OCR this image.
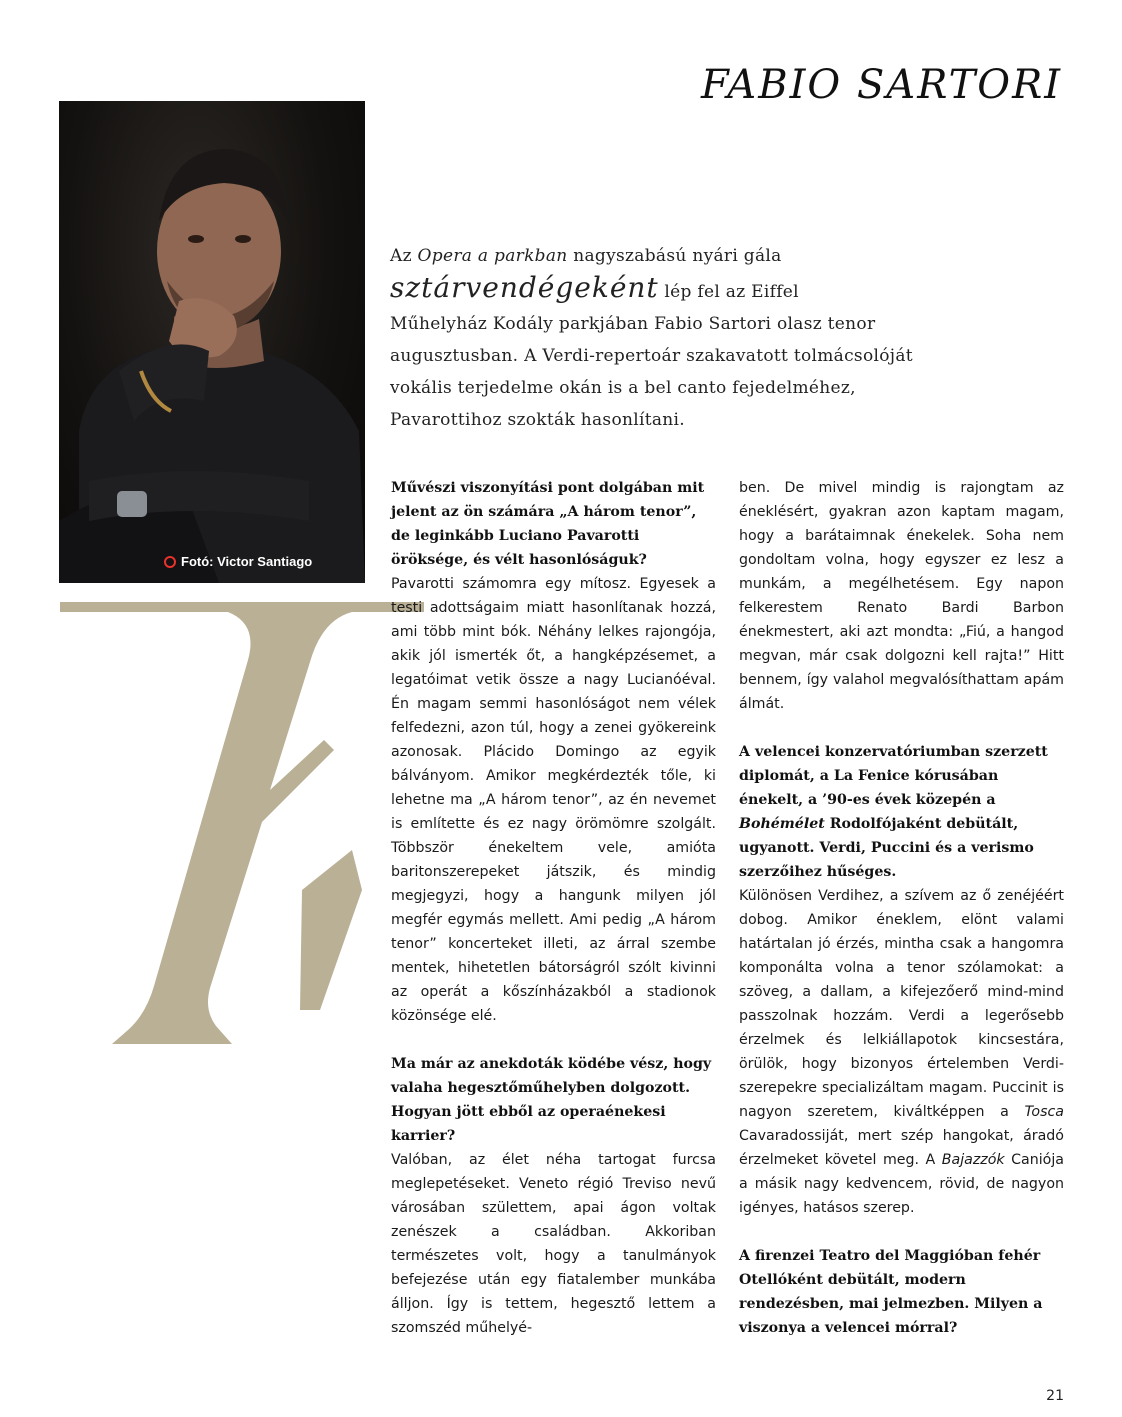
FABIO SARTORI
Fotó: Victor Santiago
Az Opera a parkban nagyszabású nyári gála
sztárvendégeként lép fel az Eiffel
Műhelyház Kodály parkjában Fabio Sartori olasz tenor
augusztusban. A Verdi-repertoár szakavatott tolmácsolóját
vokális terjedelme okán is a bel canto fejedelméhez,
Pavarottihoz szokták hasonlítani.

Művészi viszonyítási pont dolgában mit jelent az ön számára „A három tenor”, de leginkább Luciano Pavarotti öröksége, és vélt hasonlóságuk?

Pavarotti számomra egy mítosz. Egyesek a testi adottságaim miatt hasonlítanak hozzá, ami több mint bók. Néhány lelkes rajongója, akik jól ismerték őt, a hangképzésemet, a legatóimat vetik össze a nagy Lucianóéval. Én magam semmi hasonlóságot nem vélek felfedezni, azon túl, hogy a zenei gyökereink azonosak. Plácido Domingo az egyik bálványom. Amikor megkérdezték tőle, ki lehetne ma „A három tenor”, az én nevemet is említette és ez nagy örömömre szolgált. Többször énekeltem vele, amióta baritonszerepeket játszik, és mindig megjegyzi, hogy a hangunk milyen jól megfér egymás mellett. Ami pedig „A három tenor” koncerteket illeti, az árral szembe mentek, hihetetlen bátorságról szólt kivinni az operát a kőszínházakból a stadionok közönsége elé.

Ma már az anekdoták ködébe vész, hogy valaha hegesztőműhelyben dolgozott. Hogyan jött ebből az operaénekesi karrier?

Valóban, az élet néha tartogat furcsa meglepetéseket. Veneto régió Treviso nevű városában születtem, apai ágon voltak zenészek a családban. Akkoriban természetes volt, hogy a tanulmányok befejezése után egy fiatalember munkába álljon. Így is tettem, hegesztő lettem a szomszéd műhelyé-

ben. De mivel mindig is rajongtam az éneklésért, gyakran azon kaptam magam, hogy a barátaimnak énekelek. Soha nem gondoltam volna, hogy egyszer ez lesz a munkám, a megélhetésem. Egy napon felkerestem Renato Bardi Barbon énekmestert, aki azt mondta: „Fiú, a hangod megvan, már csak dolgozni kell rajta!” Hitt bennem, így valahol megvalósíthattam apám álmát.

A velencei konzervatóriumban szerzett diplomát, a La Fenice kórusában énekelt, a ’90-es évek közepén a Bohémélet Rodolfójaként debütált, ugyanott. Verdi, Puccini és a verismo szerzőihez hűséges.

Különösen Verdihez, a szívem az ő zenéjéért dobog. Amikor éneklem, elönt valami határtalan jó érzés, mintha csak a hangomra komponálta volna a tenor szólamokat: a szöveg, a dallam, a kifejezőerő mind-mind passzolnak hozzám. Verdi a legerősebb érzelmek és lelkiállapotok kincsestára, örülök, hogy bizonyos értelemben Verdi-szerepekre specializáltam magam. Puccinit is nagyon szeretem, kiváltképpen a Tosca Cavaradossiját, mert szép hangokat, áradó érzelmeket követel meg. A Bajazzók Caniója a másik nagy kedvencem, rövid, de nagyon igényes, hatásos szerep.

A firenzei Teatro del Maggióban fehér Otellóként debütált, modern rendezésben, mai jelmezben. Milyen a viszonya a velencei mórral?

21
